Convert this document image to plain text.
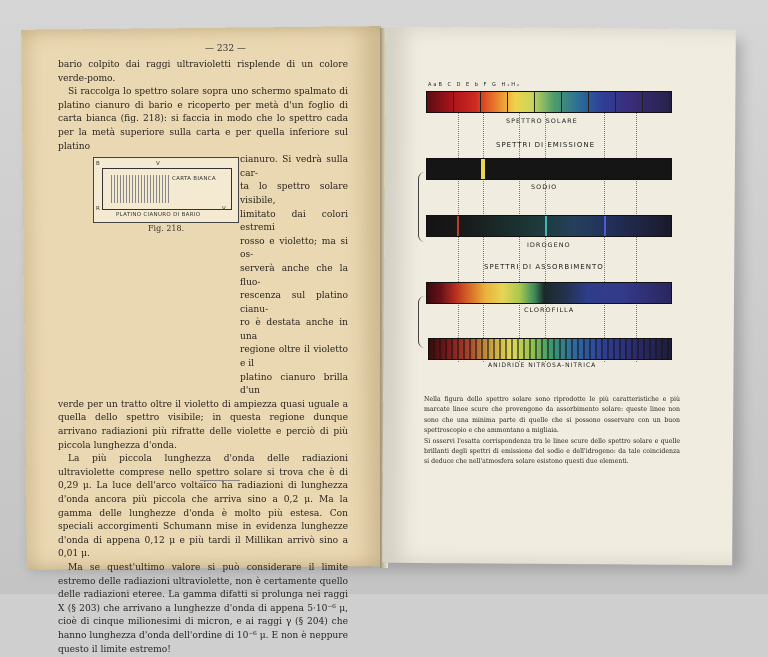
— 232 —

bario colpito dai raggi ultravioletti risplende di un colore verde-pomo.

Si raccolga lo spettro solare sopra uno schermo spalmato di platino cianuro di bario e ricoperto per metà d'un foglio di carta bianca (fig. 218): si faccia in modo che lo spettro cada per la metà superiore sulla carta e per quella inferiore sul platino

cianuro. Si vedrà sulla car-
ta lo spettro solare visibile,
limitato dai colori estremi
rosso e violetto; ma si os-
serverà anche che la fluo-
rescenza sul platino cianu-
ro è destata anche in una
regione oltre il violetto e il
platino cianuro brilla d'un

verde per un tratto oltre il violetto di ampiezza quasi uguale a quella dello spettro visibile; in questa regione dunque arrivano radiazioni più rifratte delle violette e perciò di più piccola lunghezza d'onda.

La più piccola lunghezza d'onda delle radiazioni ultraviolette comprese nello spettro solare si trova che è di 0,29 μ. La luce dell'arco voltaico ha radiazioni di lunghezza d'onda ancora più piccola che arriva sino a 0,2 μ. Ma la gamma delle lunghezze d'onda è molto più estesa. Con speciali accorgimenti Schumann mise in evidenza lunghezze d'onda di appena 0,12 μ e più tardi il Millikan arrivò sino a 0,01 μ.

Ma se quest'ultimo valore si può considerare il limite estremo delle radiazioni ultraviolette, non è certamente quello delle radiazioni eteree. La gamma difatti si prolunga nei raggi X (§ 203) che arrivano a lunghezze d'onda di appena 5·10⁻⁶ μ, cioè di cinque milionesimi di micron, e ai raggi γ (§ 204) che hanno lunghezza d'onda dell'ordine di 10⁻⁶ μ. E non è neppure questo il limite estremo!

B	V
R	V
CARTA BIANCA
PLATINO CIANURO DI BARIO
Fig. 218.
AaB C D E b F G H₁H₂
SPETTRO SOLARE
SPETTRI DI EMISSIONE
SODIO
IDROGENO
SPETTRI DI ASSORBIMENTO
CLOROFILLA
ANIDRIDE NITROSA-NITRICA

Nella figura dello spettro solare sono riprodotte le più caratteristiche e più marcate linee scure che provengono da assorbimento solare: queste linee non sono che una minima parte di quelle che si possono osservare con un buon spettroscopio e che ammontano a migliaia.

Si osservi l'esatta corrispondenza tra le linee scure dello spettro solare e quelle brillanti degli spettri di emissione del sodio e dell'idrogeno: da tale coincidenza si deduce che nell'atmosfera solare esistono questi due elementi.
